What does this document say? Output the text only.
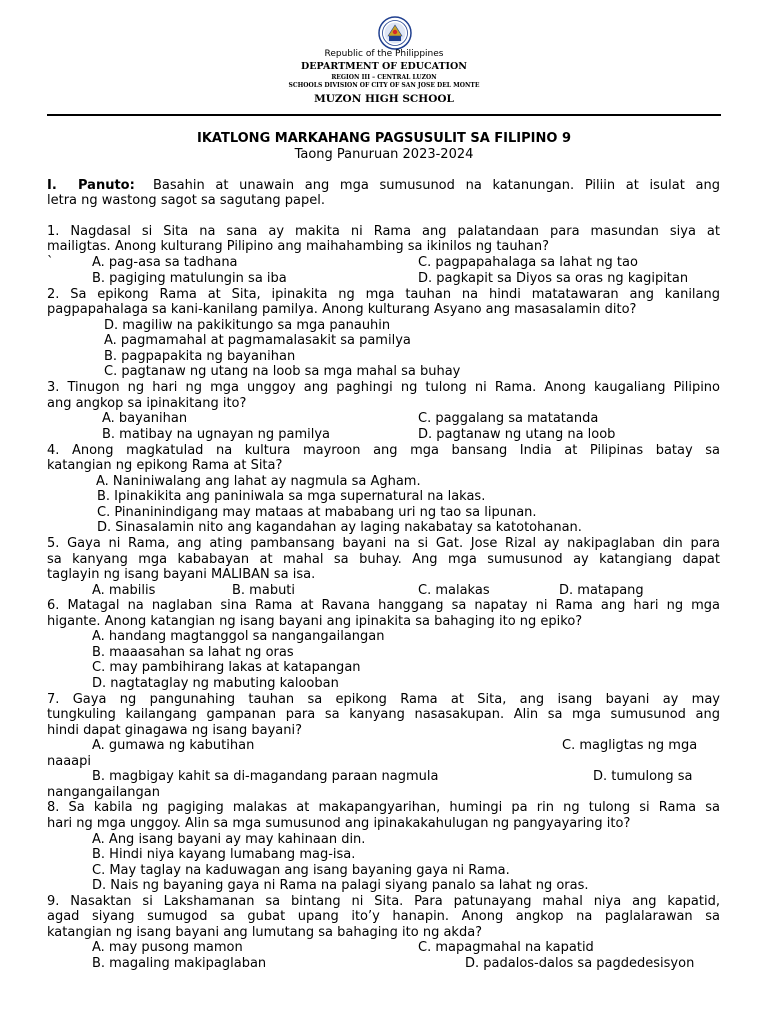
Republic of the Philippines
DEPARTMENT OF EDUCATION
REGION III – CENTRAL LUZON
SCHOOLS DIVISION OF CITY OF SAN JOSE DEL MONTE
MUZON HIGH SCHOOL
IKATLONG MARKAHANG PAGSUSULIT SA FILIPINO 9
Taong Panuruan 2023-2024
I. Panuto: Basahin at unawain ang mga sumusunod na katanungan. Piliin at isulat ang
letra ng wastong sagot sa sagutang papel.
1. Nagdasal si Sita na sana ay makita ni Rama ang palatandaan para masundan siya at
mailigtas. Anong kulturang Pilipino ang maihahambing sa ikinilos ng tauhan?
`	A. pag-asa sa tadhana	C. pagpapahalaga sa lahat ng tao
B. pagiging matulungin sa iba	D. pagkapit sa Diyos sa oras ng kagipitan
2. Sa epikong Rama at Sita, ipinakita ng mga tauhan na hindi matatawaran ang kanilang
pagpapahalaga sa kani-kanilang pamilya. Anong kulturang Asyano ang masasalamin dito?
D. magiliw na pakikitungo sa mga panauhin
A. pagmamahal at pagmamalasakit sa pamilya
B. pagpapakita ng bayanihan
C. pagtanaw ng utang na loob sa mga mahal sa buhay
3. Tinugon ng hari ng mga unggoy ang paghingi ng tulong ni Rama. Anong kaugaliang Pilipino
ang angkop sa ipinakitang ito?
A. bayanihan	C. paggalang sa matatanda
B. matibay na ugnayan ng pamilya	D. pagtanaw ng utang na loob
4. Anong magkatulad na kultura mayroon ang mga bansang India at Pilipinas batay sa
katangian ng epikong Rama at Sita?
A. Naniniwalang ang lahat ay nagmula sa Agham.
B. Ipinakikita ang paniniwala sa mga supernatural na lakas.
C. Pinaninindigang may mataas at mababang uri ng tao sa lipunan.
D. Sinasalamin nito ang kagandahan ay laging nakabatay sa katotohanan.
5. Gaya ni Rama, ang ating pambansang bayani na si Gat. Jose Rizal ay nakipaglaban din para
sa kanyang mga kababayan at mahal sa buhay. Ang mga sumusunod ay katangiang dapat
taglayin ng isang bayani MALIBAN sa isa.
A. mabilis	B. mabuti	C. malakas	D. matapang
6. Matagal na naglaban sina Rama at Ravana hanggang sa napatay ni Rama ang hari ng mga
higante. Anong katangian ng isang bayani ang ipinakita sa bahaging ito ng epiko?
A. handang magtanggol sa nangangailangan
B. maaasahan sa lahat ng oras
C. may pambihirang lakas at katapangan
D. nagtataglay ng mabuting kalooban
7. Gaya ng pangunahing tauhan sa epikong Rama at Sita, ang isang bayani ay may
tungkuling kailangang gampanan para sa kanyang nasasakupan. Alin sa mga sumusunod ang
hindi dapat ginagawa ng isang bayani?
A. gumawa ng kabutihan	C. magligtas ng mga
naaapi
B. magbigay kahit sa di-magandang paraan nagmula	D. tumulong sa
nangangailangan
8. Sa kabila ng pagiging malakas at makapangyarihan, humingi pa rin ng tulong si Rama sa
hari ng mga unggoy. Alin sa mga sumusunod ang ipinakakahulugan ng pangyayaring ito?
A. Ang isang bayani ay may kahinaan din.
B. Hindi niya kayang lumabang mag-isa.
C. May taglay na kaduwagan ang isang bayaning gaya ni Rama.
D. Nais ng bayaning gaya ni Rama na palagi siyang panalo sa lahat ng oras.
9. Nasaktan si Lakshamanan sa bintang ni Sita. Para patunayang mahal niya ang kapatid,
agad siyang sumugod sa gubat upang ito’y hanapin. Anong angkop na paglalarawan sa
katangian ng isang bayani ang lumutang sa bahaging ito ng akda?
A. may pusong mamon	C. mapagmahal na kapatid
B. magaling makipaglaban	D. padalos-dalos sa pagdedesisyon
